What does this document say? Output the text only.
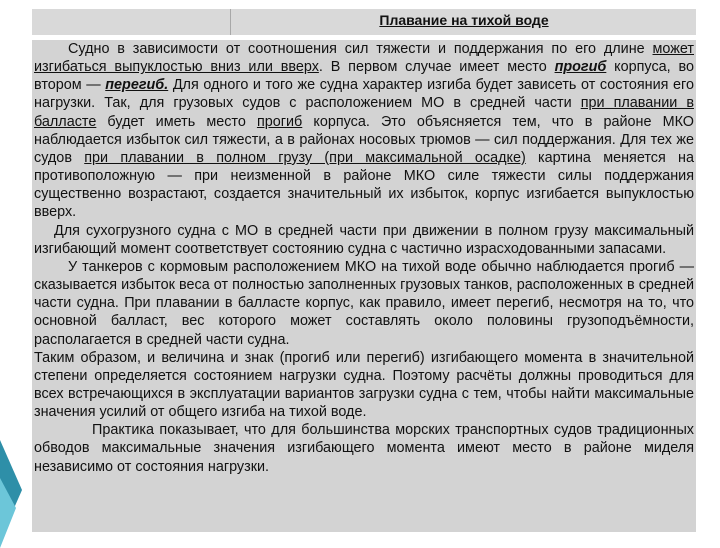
Плавание на тихой воде

Судно в зависимости от соотношения сил тяжести и поддержания по его длине может изгибаться выпуклостью вниз или вверх. В первом случае имеет место прогиб корпуса, во втором — перегиб. Для одного и того же судна характер изгиба будет зависеть от состояния его нагрузки. Так, для грузовых судов с расположением МО в средней части при плавании в балласте будет иметь место прогиб корпуса. Это объясняется тем, что в районе МКО наблюдается избыток сил тяжести, а в районах носовых трюмов — сил поддержания. Для тех же судов при плавании в полном грузу (при максимальной осадке) картина меняется на противоположную — при неизменной в районе МКО силе тяжести силы поддержания существенно возрастают, создается значительный их избыток, корпус изгибается выпуклостью вверх.

Для сухогрузного судна с МО в средней части при движении в полном грузу максимальный изгибающий момент соответствует состоянию судна с частично израсходованными запасами.

У танкеров с кормовым расположением МКО на тихой воде обычно наблюдается прогиб — сказывается избыток веса от полностью заполненных грузовых танков, расположенных в средней части судна. При плавании в балласте корпус, как правило, имеет перегиб, несмотря на то, что основной балласт, вес которого может составлять около половины грузоподъёмности, располагается в средней части судна.

Таким образом, и величина и знак (прогиб или перегиб) изгибающего момента в значительной степени определяется состоянием нагрузки судна. Поэтому расчёты должны проводиться для всех встречающихся в эксплуатации вариантов загрузки судна с тем, чтобы найти максимальные значения усилий от общего изгиба на тихой воде.

Практика показывает, что для большинства морских транспортных судов традиционных обводов максимальные значения изгибающего момента имеют место в районе миделя независимо от состояния нагрузки.
